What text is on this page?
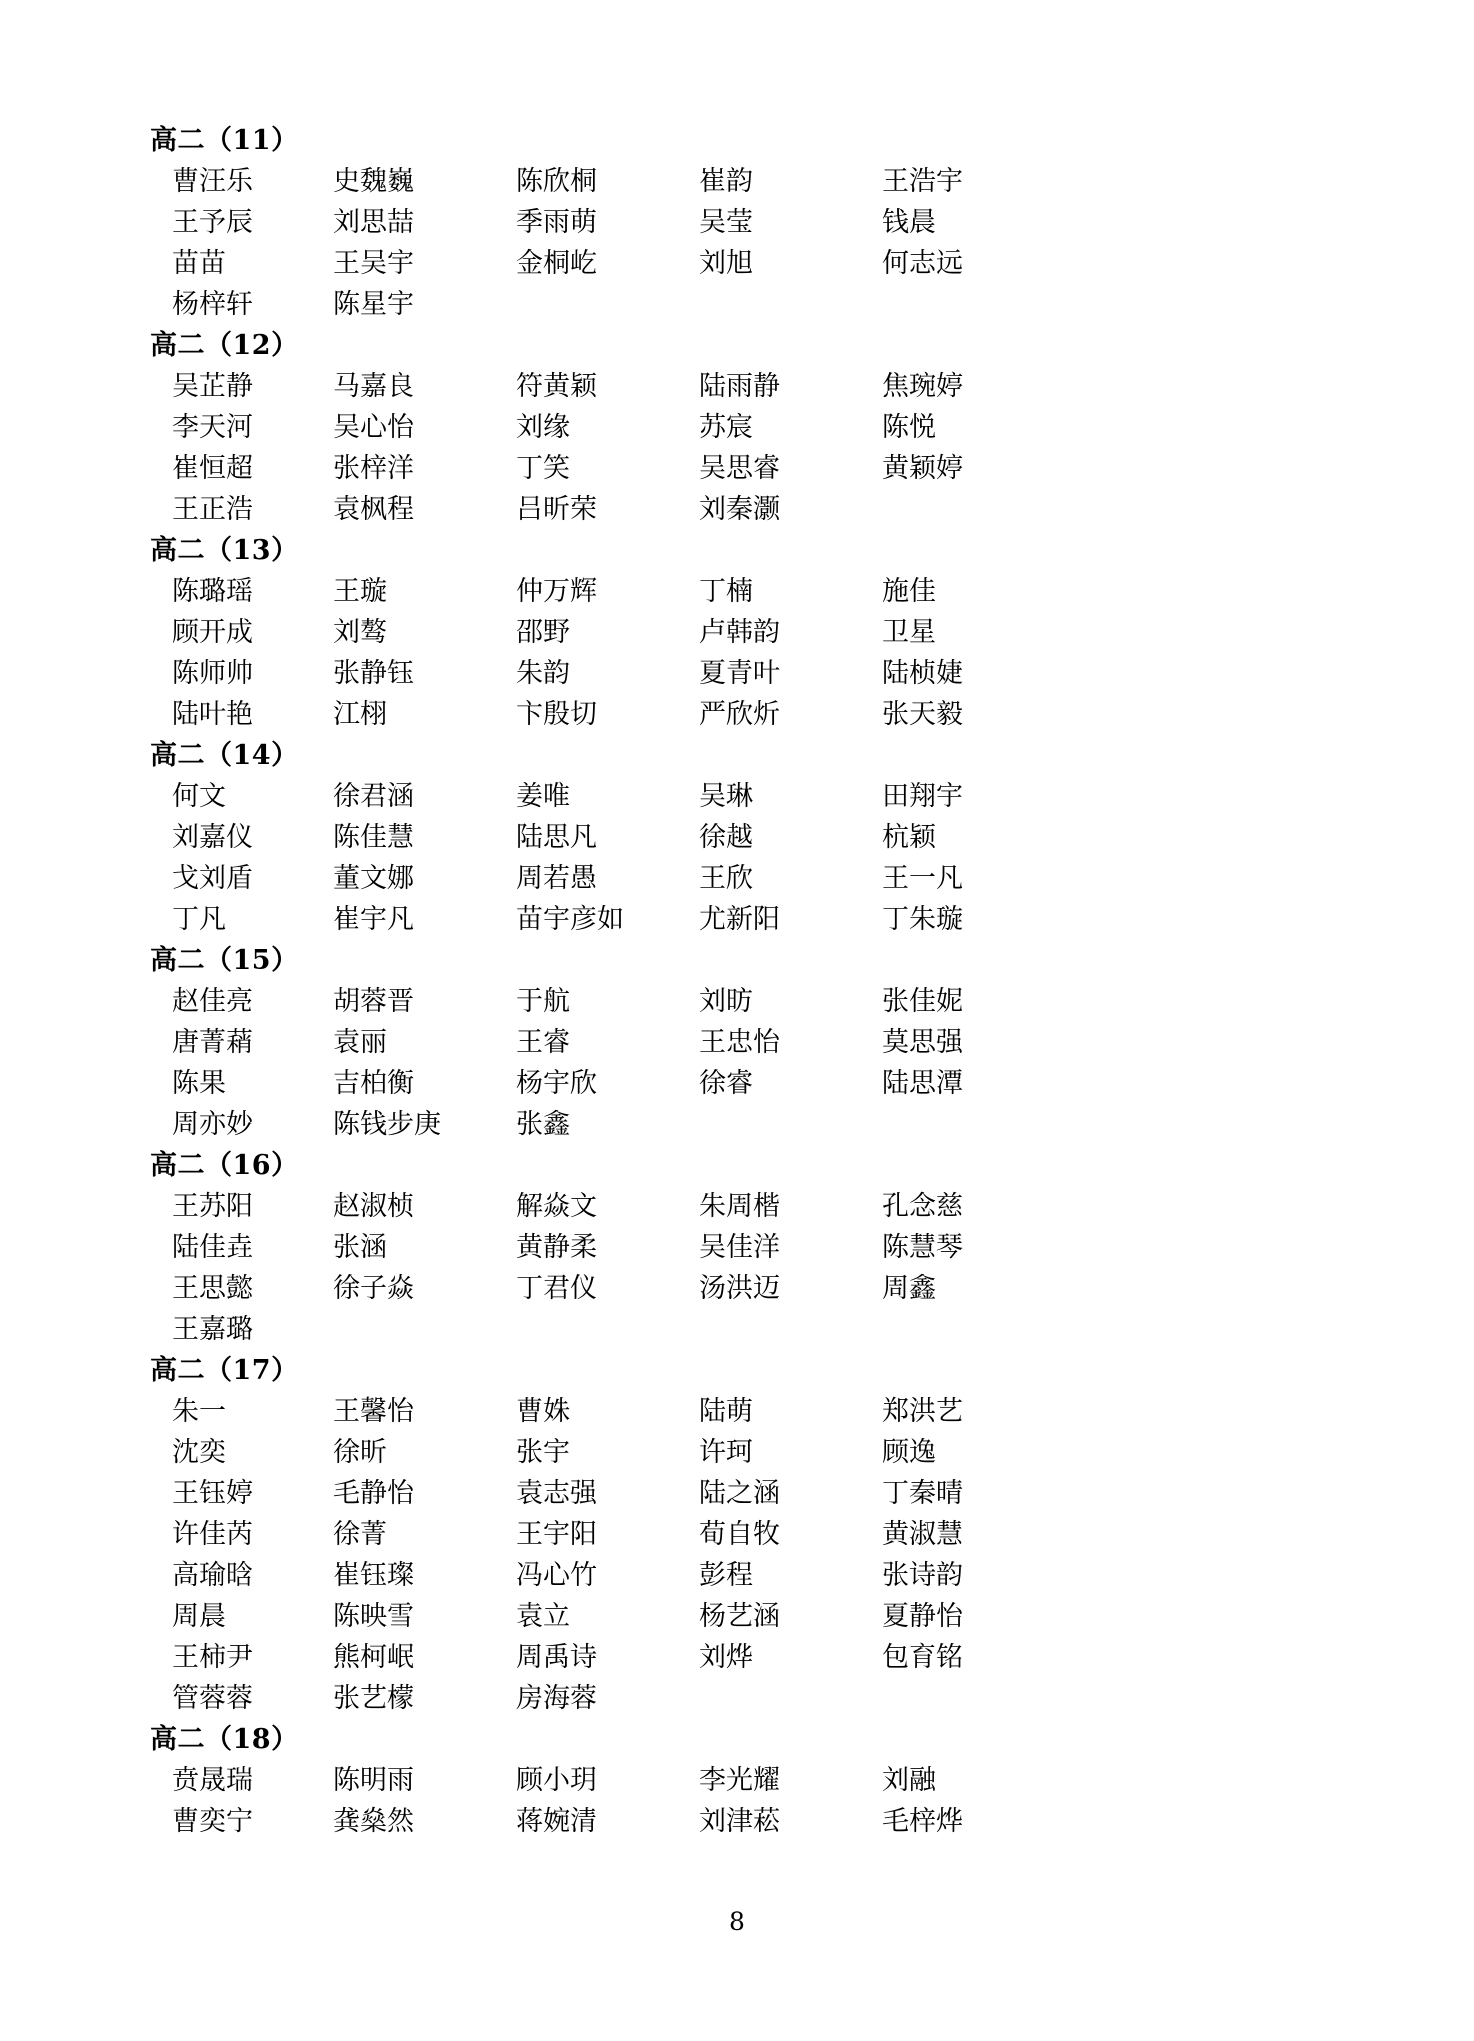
高二（11）
曹汪乐	史魏巍	陈欣桐	崔韵	王浩宇
王予辰	刘思喆	季雨萌	吴莹	钱晨
苗苗	王吴宇	金桐屹	刘旭	何志远
杨梓轩	陈星宇
高二（12）
吴芷静	马嘉良	符黄颖	陆雨静	焦琬婷
李天河	吴心怡	刘缘	苏宸	陈悦
崔恒超	张梓洋	丁笑	吴思睿	黄颖婷
王正浩	袁枫程	吕昕荣	刘秦灏
高二（13）
陈璐瑶	王璇	仲万辉	丁楠	施佳
顾开成	刘骜	邵野	卢韩韵	卫星
陈师帅	张静钰	朱韵	夏青叶	陆桢婕
陆叶艳	江栩	卞殷切	严欣炘	张天毅
高二（14）
何文	徐君涵	姜唯	吴琳	田翔宇
刘嘉仪	陈佳慧	陆思凡	徐越	杭颖
戈刘盾	董文娜	周若愚	王欣	王一凡
丁凡	崔宇凡	苗宇彦如	尤新阳	丁朱璇
高二（15）
赵佳亮	胡蓉晋	于航	刘昉	张佳妮
唐菁蕱	袁丽	王睿	王忠怡	莫思强
陈果	吉柏衡	杨宇欣	徐睿	陆思潭
周亦妙	陈钱步庚	张鑫
高二（16）
王苏阳	赵淑桢	解焱文	朱周楷	孔念慈
陆佳垚	张涵	黄静柔	吴佳洋	陈慧琴
王思懿	徐子焱	丁君仪	汤洪迈	周鑫
王嘉璐
高二（17）
朱一	王馨怡	曹姝	陆萌	郑洪艺
沈奕	徐昕	张宇	许珂	顾逸
王钰婷	毛静怡	袁志强	陆之涵	丁秦晴
许佳芮	徐菁	王宇阳	荀自牧	黄淑慧
高瑜晗	崔钰璨	冯心竹	彭程	张诗韵
周晨	陈映雪	袁立	杨艺涵	夏静怡
王柿尹	熊柯岷	周禹诗	刘烨	包育铭
管蓉蓉	张艺檬	房海蓉
高二（18）
贲晟瑞	陈明雨	顾小玥	李光耀	刘融
曹奕宁	龚燊然	蒋婉清	刘津菘	毛梓烨
8
